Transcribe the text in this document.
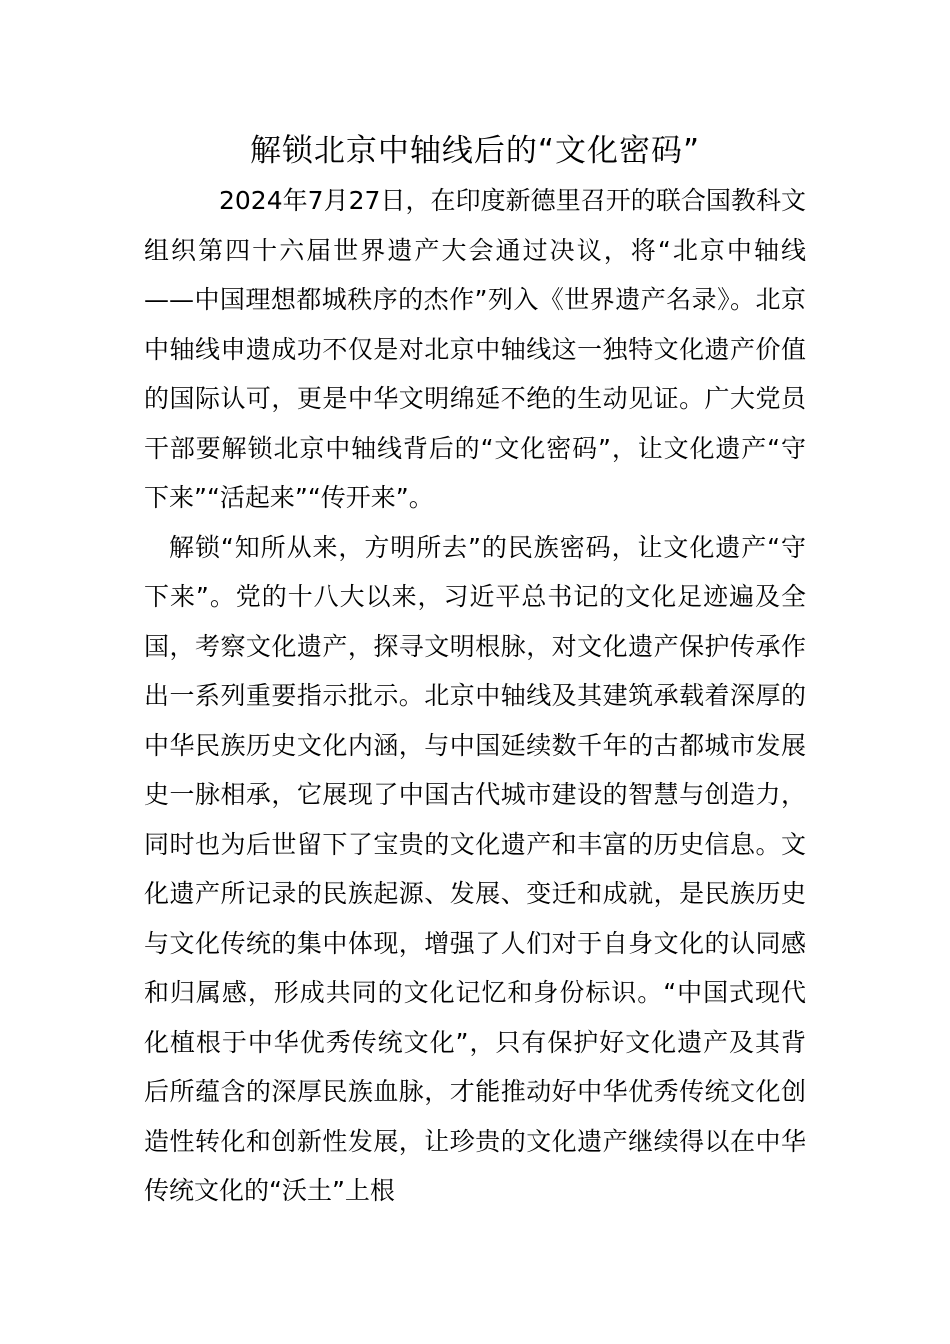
解锁北京中轴线后的“文化密码”

2024年7月27日，在印度新德里召开的联合国教科文组织第四十六届世界遗产大会通过决议，将“北京中轴线——中国理想都城秩序的杰作”列入《世界遗产名录》。北京中轴线申遗成功不仅是对北京中轴线这一独特文化遗产价值的国际认可，更是中华文明绵延不绝的生动见证。广大党员干部要解锁北京中轴线背后的“文化密码”，让文化遗产“守下来”“活起来”“传开来”。

解锁“知所从来，方明所去”的民族密码，让文化遗产“守下来”。党的十八大以来，习近平总书记的文化足迹遍及全国，考察文化遗产，探寻文明根脉，对文化遗产保护传承作出一系列重要指示批示。北京中轴线及其建筑承载着深厚的中华民族历史文化内涵，与中国延续数千年的古都城市发展史一脉相承，它展现了中国古代城市建设的智慧与创造力，同时也为后世留下了宝贵的文化遗产和丰富的历史信息。文化遗产所记录的民族起源、发展、变迁和成就，是民族历史与文化传统的集中体现，增强了人们对于自身文化的认同感和归属感，形成共同的文化记忆和身份标识。“中国式现代化植根于中华优秀传统文化”，只有保护好文化遗产及其背后所蕴含的深厚民族血脉，才能推动好中华优秀传统文化创造性转化和创新性发展，让珍贵的文化遗产继续得以在中华传统文化的“沃土”上根
